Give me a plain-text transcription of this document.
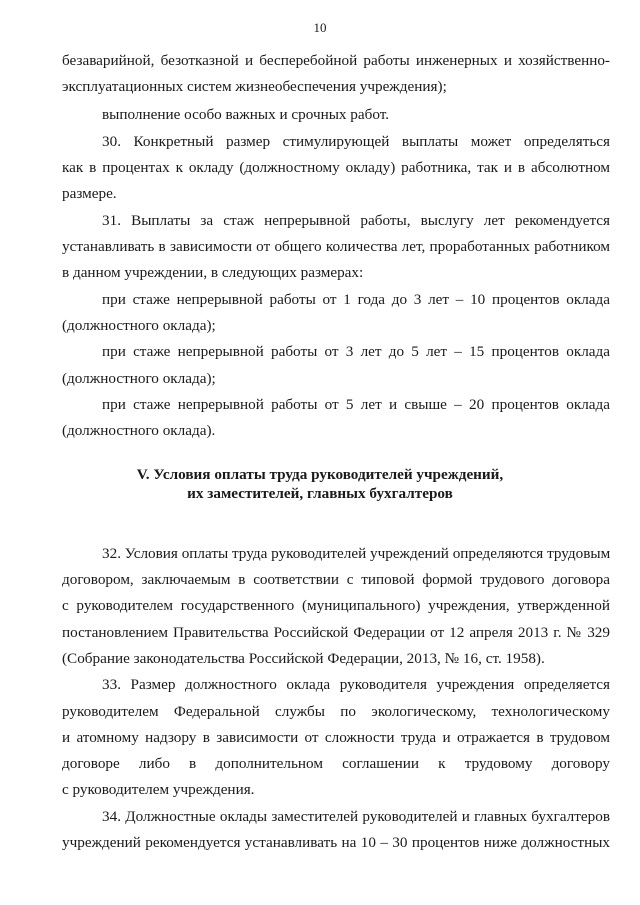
10
безаварийной, безотказной и бесперебойной работы инженерных и хозяйственно-
эксплуатационных систем жизнеобеспечения учреждения);
выполнение особо важных и срочных работ.
30. Конкретный размер стимулирующей выплаты может определяться
как в процентах к окладу (должностному окладу) работника, так и в абсолютном
размере.
31. Выплаты за стаж непрерывной работы, выслугу лет рекомендуется
устанавливать в зависимости от общего количества лет, проработанных работником
в данном учреждении, в следующих размерах:
при стаже непрерывной работы от 1 года до 3 лет – 10 процентов оклада
(должностного оклада);
при стаже непрерывной работы от 3 лет до 5 лет – 15 процентов оклада
(должностного оклада);
при стаже непрерывной работы от 5 лет и свыше – 20 процентов оклада
(должностного оклада).
V. Условия оплаты труда руководителей учреждений,
их заместителей, главных бухгалтеров
32. Условия оплаты труда руководителей учреждений определяются трудовым
договором, заключаемым в соответствии с типовой формой трудового договора
с руководителем государственного (муниципального) учреждения, утвержденной
постановлением Правительства Российской Федерации от 12 апреля 2013 г. № 329
(Собрание законодательства Российской Федерации, 2013, № 16, ст. 1958).
33. Размер должностного оклада руководителя учреждения определяется
руководителем Федеральной службы по экологическому, технологическому
и атомному надзору в зависимости от сложности труда и отражается в трудовом
договоре либо в дополнительном соглашении к трудовому договору
с руководителем учреждения.
34. Должностные оклады заместителей руководителей и главных бухгалтеров
учреждений рекомендуется устанавливать на 10 – 30 процентов ниже должностных
